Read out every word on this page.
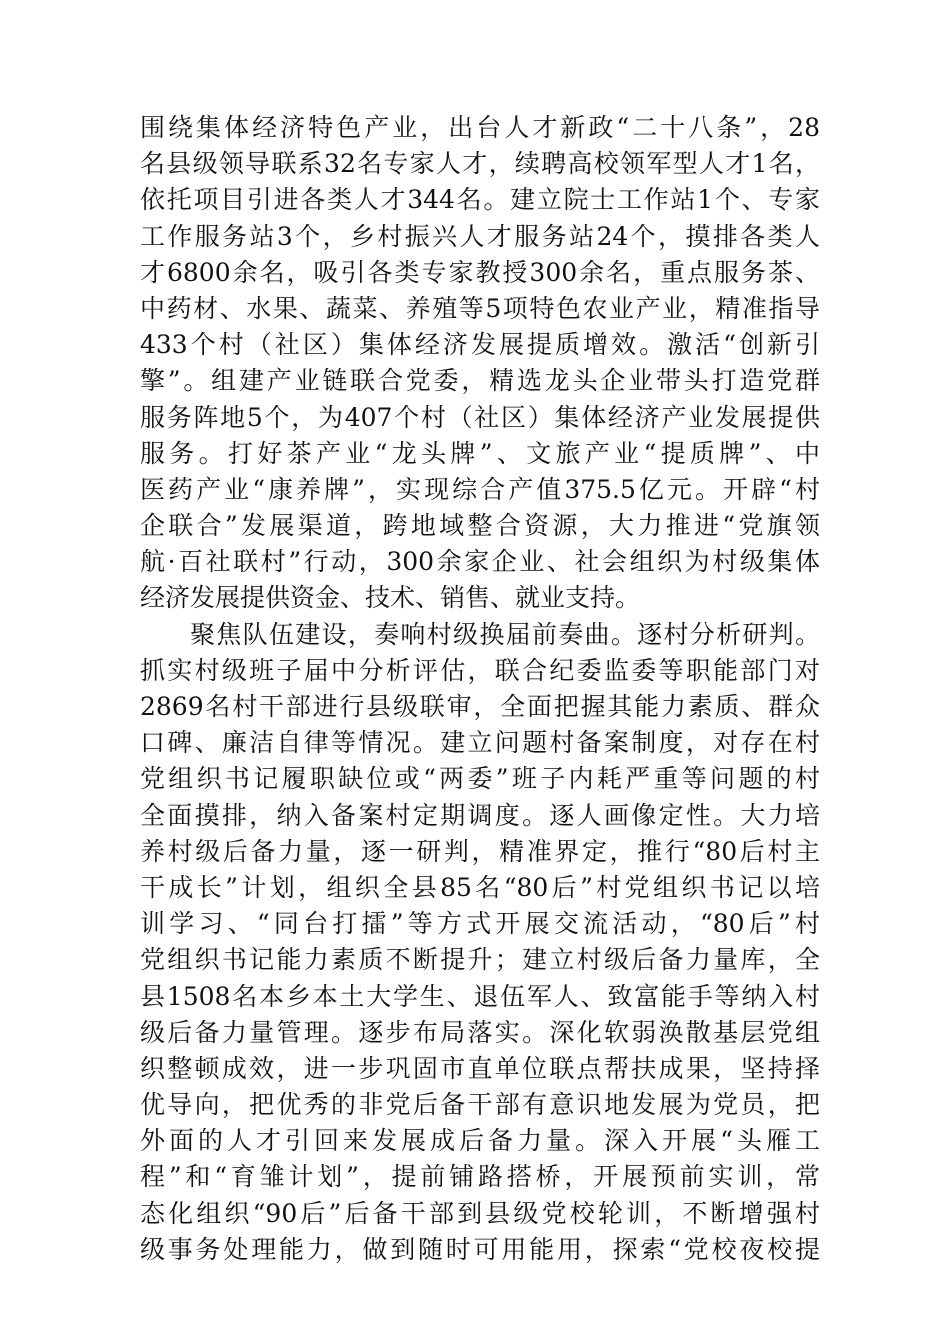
围绕集体经济特色产业，出台人才新政“二十八条”，28
名县级领导联系32名专家人才，续聘高校领军型人才1名，
依托项目引进各类人才344名。建立院士工作站1个、专家
工作服务站3个，乡村振兴人才服务站24个，摸排各类人
才6800余名，吸引各类专家教授300余名，重点服务茶、
中药材、水果、蔬菜、养殖等5项特色农业产业，精准指导
433个村（社区）集体经济发展提质增效。激活“创新引
擎”。组建产业链联合党委，精选龙头企业带头打造党群
服务阵地5个，为407个村（社区）集体经济产业发展提供
服务。打好茶产业“龙头牌”、文旅产业“提质牌”、中
医药产业“康养牌”，实现综合产值375.5亿元。开辟“村
企联合”发展渠道，跨地域整合资源，大力推进“党旗领
航·百社联村”行动，300余家企业、社会组织为村级集体
经济发展提供资金、技术、销售、就业支持。
聚焦队伍建设，奏响村级换届前奏曲。逐村分析研判。
抓实村级班子届中分析评估，联合纪委监委等职能部门对
2869名村干部进行县级联审，全面把握其能力素质、群众
口碑、廉洁自律等情况。建立问题村备案制度，对存在村
党组织书记履职缺位或“两委”班子内耗严重等问题的村
全面摸排，纳入备案村定期调度。逐人画像定性。大力培
养村级后备力量，逐一研判，精准界定，推行“80后村主
干成长”计划，组织全县85名“80后”村党组织书记以培
训学习、“同台打擂”等方式开展交流活动，“80后”村
党组织书记能力素质不断提升；建立村级后备力量库，全
县1508名本乡本土大学生、退伍军人、致富能手等纳入村
级后备力量管理。逐步布局落实。深化软弱涣散基层党组
织整顿成效，进一步巩固市直单位联点帮扶成果，坚持择
优导向，把优秀的非党后备干部有意识地发展为党员，把
外面的人才引回来发展成后备力量。深入开展“头雁工
程”和“育雏计划”，提前铺路搭桥，开展预前实训，常
态化组织“90后”后备干部到县级党校轮训，不断增强村
级事务处理能力，做到随时可用能用，探索“党校夜校提
